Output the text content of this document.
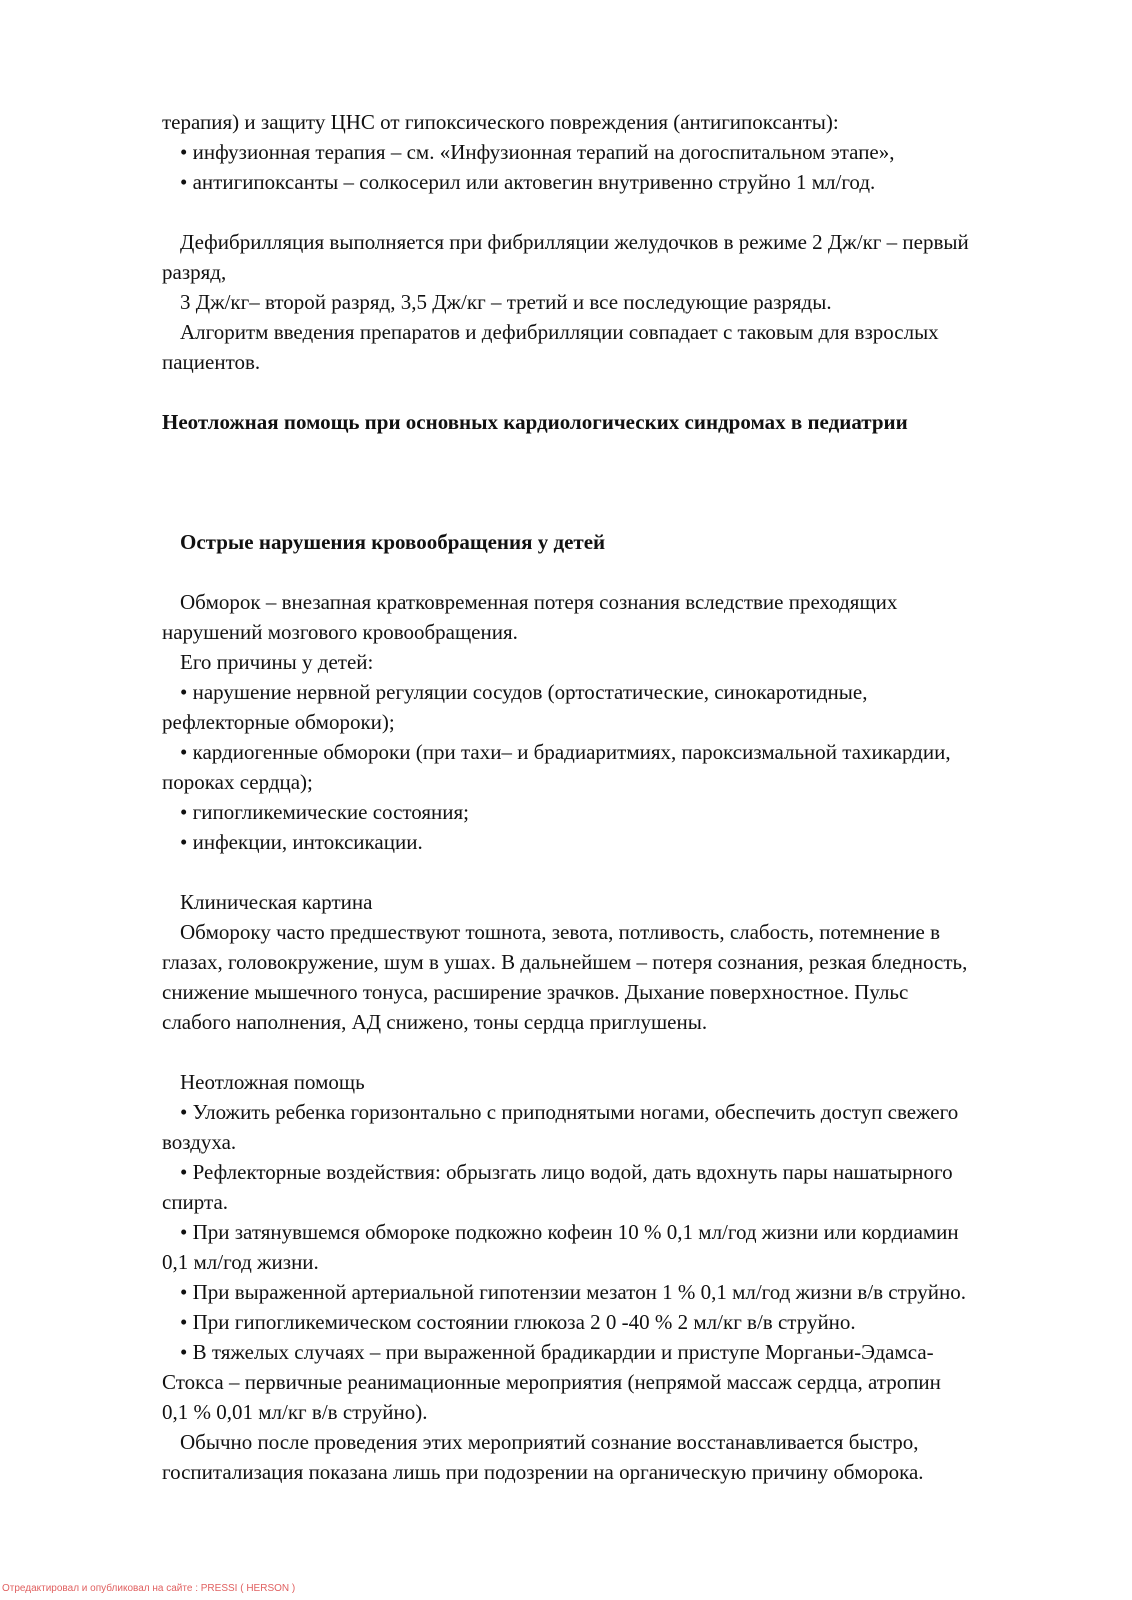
терапия) и защиту ЦНС от гипоксического повреждения (антигипоксанты):

• инфузионная терапия – см. «Инфузионная терапий на догоспитальном этапе»,

• антигипоксанты – солкосерил или актовегин внутривенно струйно 1 мл/год.

Дефибрилляция выполняется при фибрилляции желудочков в режиме 2 Дж/кг – первый

разряд,

3 Дж/кг– второй разряд, 3,5 Дж/кг – третий и все последующие разряды.

Алгоритм введения препаратов и дефибрилляции совпадает с таковым для взрослых

пациентов.

Неотложная помощь при основных кардиологических синдромах в педиатрии

Острые нарушения кровообращения у детей

Обморок – внезапная кратковременная потеря сознания вследствие преходящих

нарушений мозгового кровообращения.

Его причины у детей:

• нарушение нервной регуляции сосудов (ортостатические, синокаротидные,

рефлекторные обмороки);

• кардиогенные обмороки (при тахи– и брадиаритмиях, пароксизмальной тахикардии,

пороках сердца);

• гипогликемические состояния;

• инфекции, интоксикации.

Клиническая картина

Обмороку часто предшествуют тошнота, зевота, потливость, слабость, потемнение в

глазах, головокружение, шум в ушах. В дальнейшем – потеря сознания, резкая бледность,

снижение мышечного тонуса, расширение зрачков. Дыхание поверхностное. Пульс

слабого наполнения, АД снижено, тоны сердца приглушены.

Неотложная помощь

• Уложить ребенка горизонтально с приподнятыми ногами, обеспечить доступ свежего

воздуха.

• Рефлекторные воздействия: обрызгать лицо водой, дать вдохнуть пары нашатырного

спирта.

• При затянувшемся обмороке подкожно кофеин 10 % 0,1 мл/год жизни или кордиамин

0,1 мл/год жизни.

• При выраженной артериальной гипотензии мезатон 1 % 0,1 мл/год жизни в/в струйно.

• При гипогликемическом состоянии глюкоза 2 0 -40 % 2 мл/кг в/в струйно.

• В тяжелых случаях – при выраженной брадикардии и приступе Морганьи-Эдамса-

Стокса – первичные реанимационные мероприятия (непрямой массаж сердца, атропин

0,1 % 0,01 мл/кг в/в струйно).

Обычно после проведения этих мероприятий сознание восстанавливается быстро,

госпитализация показана лишь при подозрении на органическую причину обморока.

Отредактировал и опубликовал на сайте : PRESSI ( HERSON )
